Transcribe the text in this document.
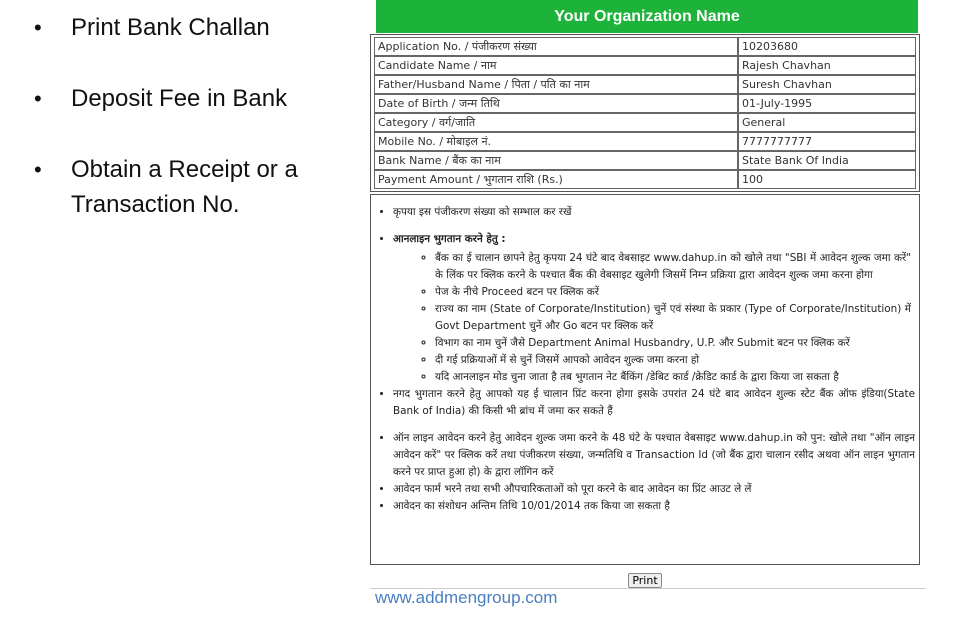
• Print Bank Challan
• Deposit Fee in Bank
• Obtain a Receipt or a Transaction No.
Your Organization Name
Application No. / पंजीकरण संख्या	10203680
Candidate Name / नाम	Rajesh Chavhan
Father/Husband Name / पिता / पति का नाम	Suresh Chavhan
Date of Birth / जन्म तिथि	01-July-1995
Category / वर्ग/जाति	General
Mobile No. / मोबाइल नं.	7777777777
Bank Name / बैंक का नाम	State Bank Of India
Payment Amount / भुगतान राशि (Rs.)	100
• कृपया इस पंजीकरण संख्या को सम्भाल कर रखें
• आनलाइन भुगतान करने हेतु :
◦ बैंक का ई चालान छापने हेतु कृपया 24 घंटे बाद वेबसाइट www.dahup.in को खोले तथा "SBI में आवेदन शुल्क जमा करें" के लिंक पर क्लिक करने के पश्चात बैंक की वेबसाइट खुलेगी जिसमें निम्न प्रक्रिया द्वारा आवेदन शुल्क जमा करना होगा
◦ पेज के नीचे Proceed बटन पर क्लिक करें
◦ राज्य का नाम (State of Corporate/Institution) चुनें एवं संस्था के प्रकार (Type of Corporate/Institution) में Govt Department चुनें और Go बटन पर क्लिक करें
◦ विभाग का नाम चुनें जैसे Department Animal Husbandry, U.P. और Submit बटन पर क्लिक करें
◦ दी गई प्रक्रियाओं में से चुनें जिसमें आपको आवेदन शुल्क जमा करना हो
◦ यदि आनलाइन मोड चुना जाता है तब भुगतान नेट बैंकिंग /डेबिट कार्ड /क्रेडिट कार्ड के द्वारा किया जा सकता है
• नगद भुगतान करने हेतु आपको यह ई चालान प्रिंट करना होगा इसके उपरांत 24 घंटे बाद आवेदन शुल्क स्टेट बैंक ऑफ इंडिया(State Bank of India) की किसी भी ब्रांच में जमा कर सकते हैं
• ऑन लाइन आवेदन करने हेतु आवेदन शुल्क जमा करने के 48 घंटे के पश्चात वेबसाइट www.dahup.in को पुन: खोले तथा "ऑन लाइन आवेदन करें" पर क्लिक करें तथा पंजीकरण संख्या, जन्मतिथि व Transaction Id (जो बैंक द्वारा चालान रसीद अथवा ऑन लाइन भुगतान करने पर प्राप्त हुआ हो) के द्वारा लॉगिन करें
• आवेदन फार्म भरने तथा सभी औपचारिकताओं को पूरा करने के बाद आवेदन का प्रिंट आउट ले लें
• आवेदन का संशोधन अन्तिम तिथि 10/01/2014 तक किया जा सकता है
Print
www.addmengroup.com
